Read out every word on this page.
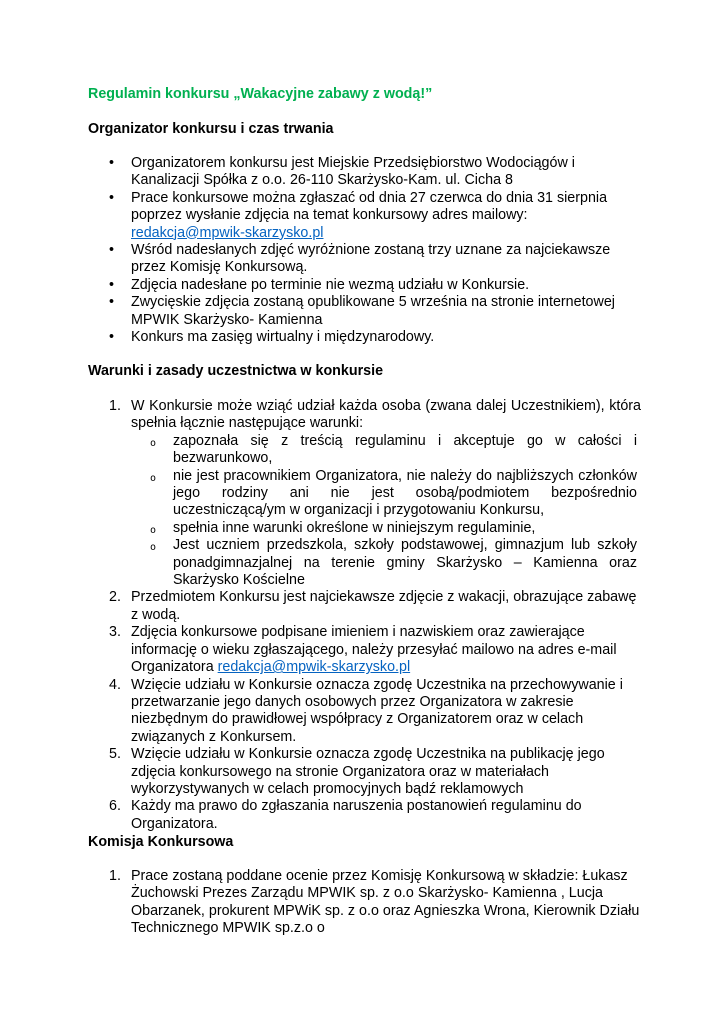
Regulamin konkursu „Wakacyjne zabawy z wodą!”

Organizator konkursu i czas trwania

• Organizatorem konkursu jest Miejskie Przedsiębiorstwo Wodociągów i Kanalizacji Spółka z o.o. 26-110 Skarżysko-Kam. ul. Cicha 8
• Prace konkursowe można zgłaszać od dnia 27 czerwca do dnia 31 sierpnia poprzez wysłanie zdjęcia na temat konkursowy adres mailowy:
redakcja@mpwik-skarzysko.pl
• Wśród nadesłanych zdjęć wyróżnione zostaną trzy uznane za najciekawsze przez Komisję Konkursową.
• Zdjęcia nadesłane po terminie nie wezmą udziału w Konkursie.
• Zwycięskie zdjęcia zostaną opublikowane 5 września na stronie internetowej MPWIK Skarżysko- Kamienna
• Konkurs ma zasięg wirtualny i międzynarodowy.

Warunki i zasady uczestnictwa w konkursie

1. W Konkursie może wziąć udział każda osoba (zwana dalej Uczestnikiem), która spełnia łącznie następujące warunki:
o zapoznała się z treścią regulaminu i akceptuje go w całości i bezwarunkowo,
o nie jest pracownikiem Organizatora, nie należy do najbliższych członków jego rodziny ani nie jest osobą/podmiotem bezpośrednio uczestniczącą/ym w organizacji i przygotowaniu Konkursu,
o spełnia inne warunki określone w niniejszym regulaminie,
o Jest uczniem przedszkola, szkoły podstawowej, gimnazjum lub szkoły ponadgimnazjalnej na terenie gminy Skarżysko – Kamienna oraz Skarżysko Kościelne
2. Przedmiotem Konkursu jest najciekawsze zdjęcie z wakacji, obrazujące zabawę z wodą.
3. Zdjęcia konkursowe podpisane imieniem i nazwiskiem oraz zawierające informację o wieku zgłaszającego, należy przesyłać mailowo na adres e-mail Organizatora redakcja@mpwik-skarzysko.pl
4. Wzięcie udziału w Konkursie oznacza zgodę Uczestnika na przechowywanie i przetwarzanie jego danych osobowych przez Organizatora w zakresie niezbędnym do prawidłowej współpracy z Organizatorem oraz w celach związanych z Konkursem.
5. Wzięcie udziału w Konkursie oznacza zgodę Uczestnika na publikację jego zdjęcia konkursowego na stronie Organizatora oraz w materiałach wykorzystywanych w celach promocyjnych bądź reklamowych
6. Każdy ma prawo do zgłaszania naruszenia postanowień regulaminu do Organizatora.

Komisja Konkursowa

1. Prace zostaną poddane ocenie przez Komisję Konkursową w składzie: Łukasz Żuchowski Prezes Zarządu MPWIK sp. z o.o Skarżysko- Kamienna , Lucja Obarzanek, prokurent MPWiK sp. z o.o oraz Agnieszka Wrona, Kierownik Działu Technicznego MPWIK sp.z.o o
